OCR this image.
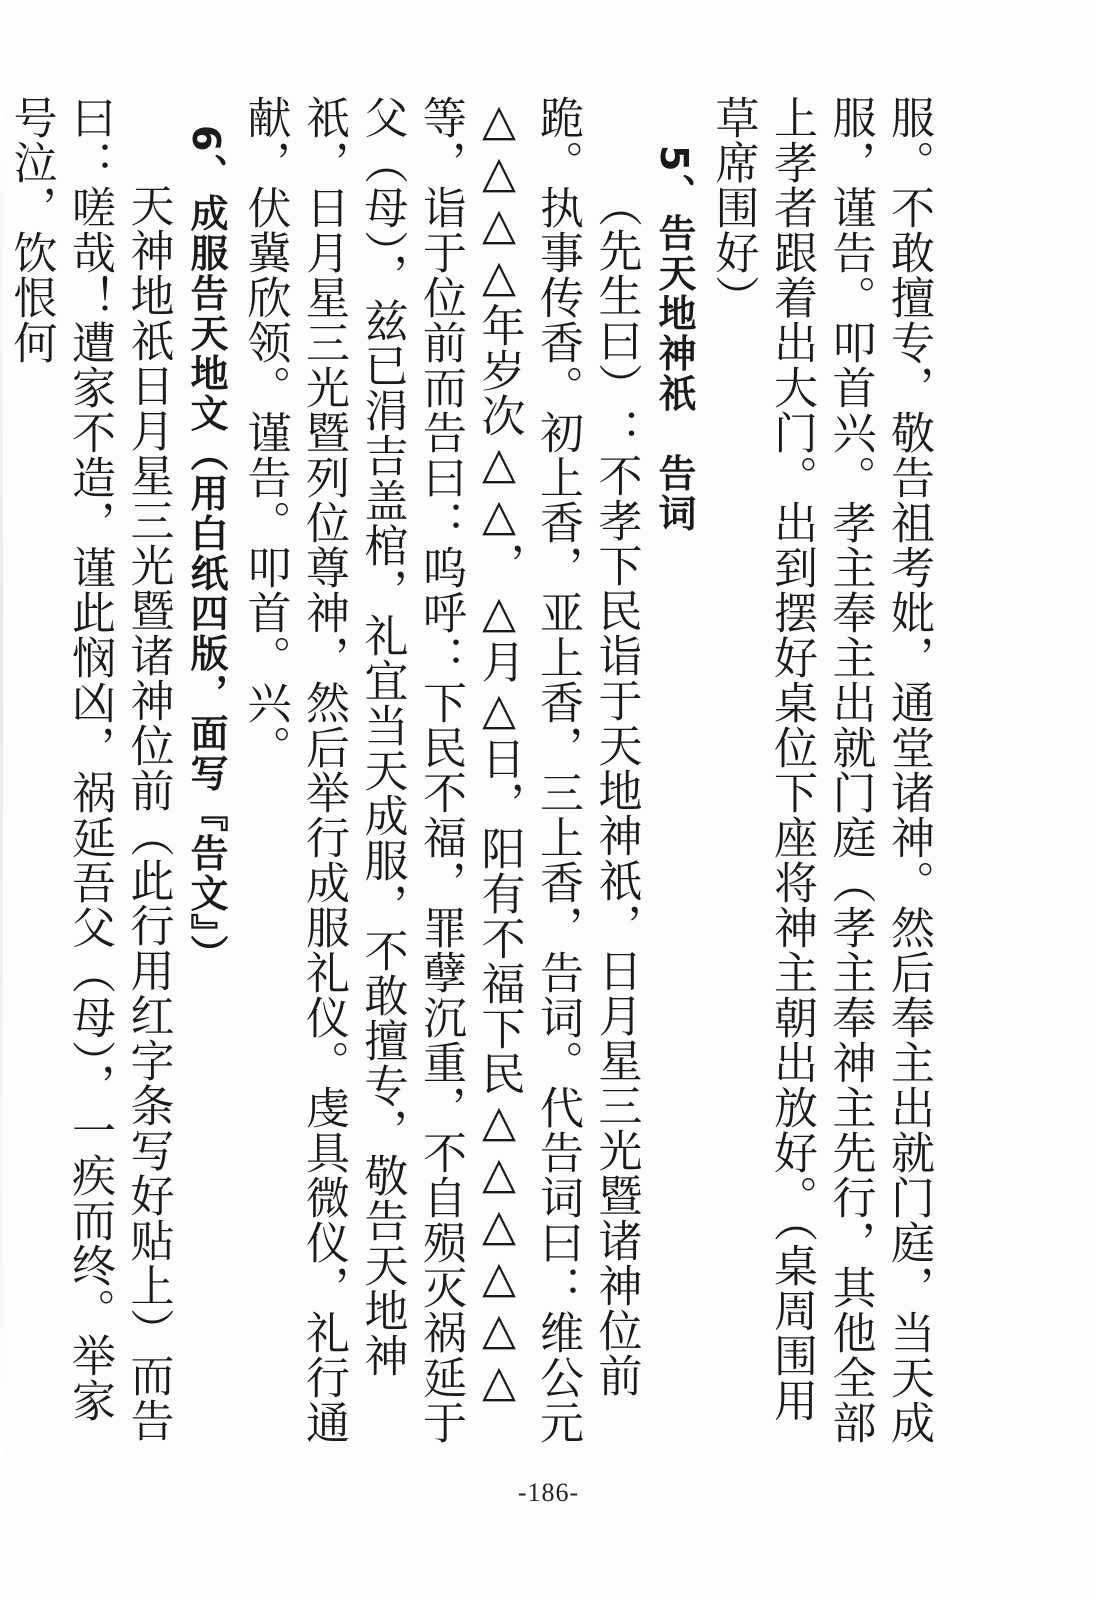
服。不敢擅专，敬告祖考妣，通堂诸神。然后奉主出就门庭，当天成服，谨告。叩首兴。孝主奉主出就门庭（孝主奉神主先行，其他全部上孝者跟着出大门。出到摆好桌位下座将神主朝出放好。（桌周围用草席围好）

5、告天地神祇　告词

（先生曰）：不孝下民诣于天地神祇，日月星三光暨诸神位前跪。执事传香。初上香，亚上香，三上香，告词。代告词曰：维公元△△△△年岁次△△，△月△日，阳有不福下民△△△△△△等，诣于位前而告曰：呜呼：下民不福，罪孽沉重，不自殒灭祸延于父（母），兹已涓吉盖棺，礼宜当天成服，不敢擅专，敬告天地神祇，日月星三光暨列位尊神，然后举行成服礼仪。虔具微仪，礼行通献，伏冀欣领。谨告。叩首。兴。

6、成服告天地文（用白纸四版，面写『告文』）

天神地祇日月星三光暨诸神位前（此行用红字条写好贴上）而告曰：嗟哉！遭家不造，谨此悯凶，祸延吾父（母），一疾而终。举家号泣，饮恨何

-186-
